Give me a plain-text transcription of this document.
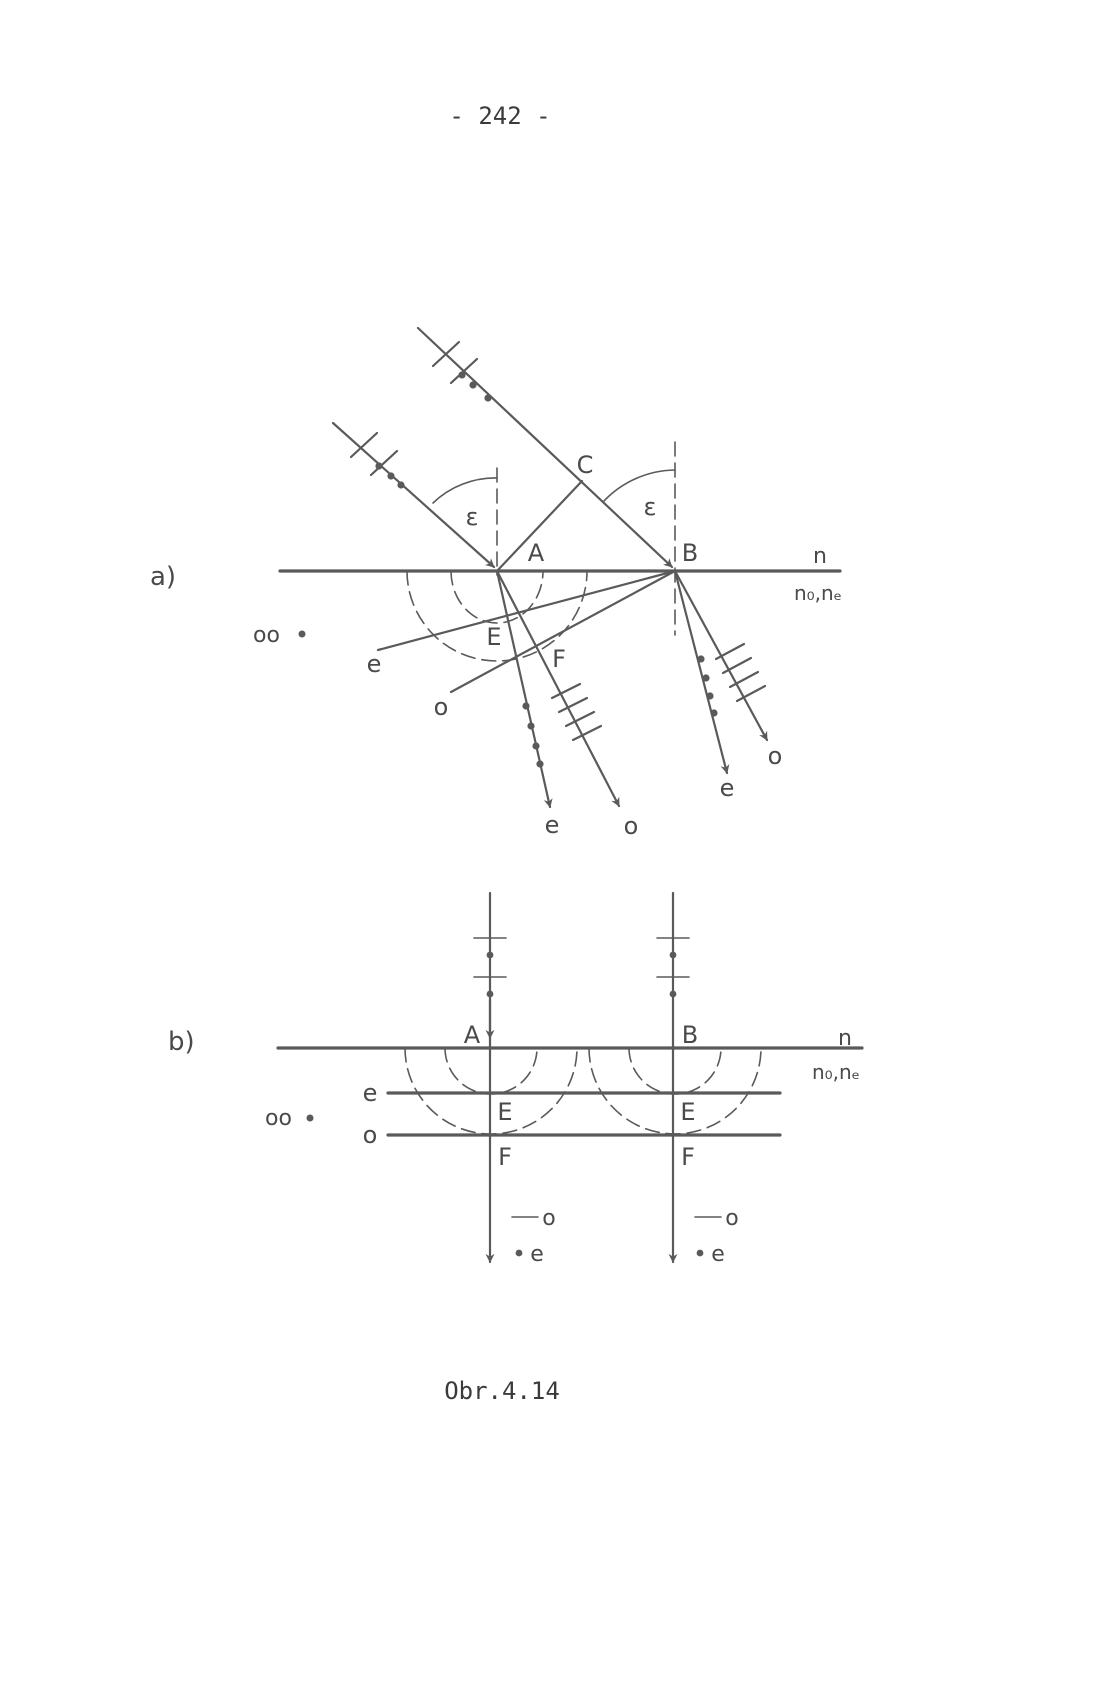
- 242 -
a)
oo
n
n₀,nₑ
ε	ε
C
A	B
e
o
E
F
e	o
e
o
b)
oo
n
n₀,nₑ
e
o
A
E
F
B
E
F
o
e
o
e
Obr.4.14
